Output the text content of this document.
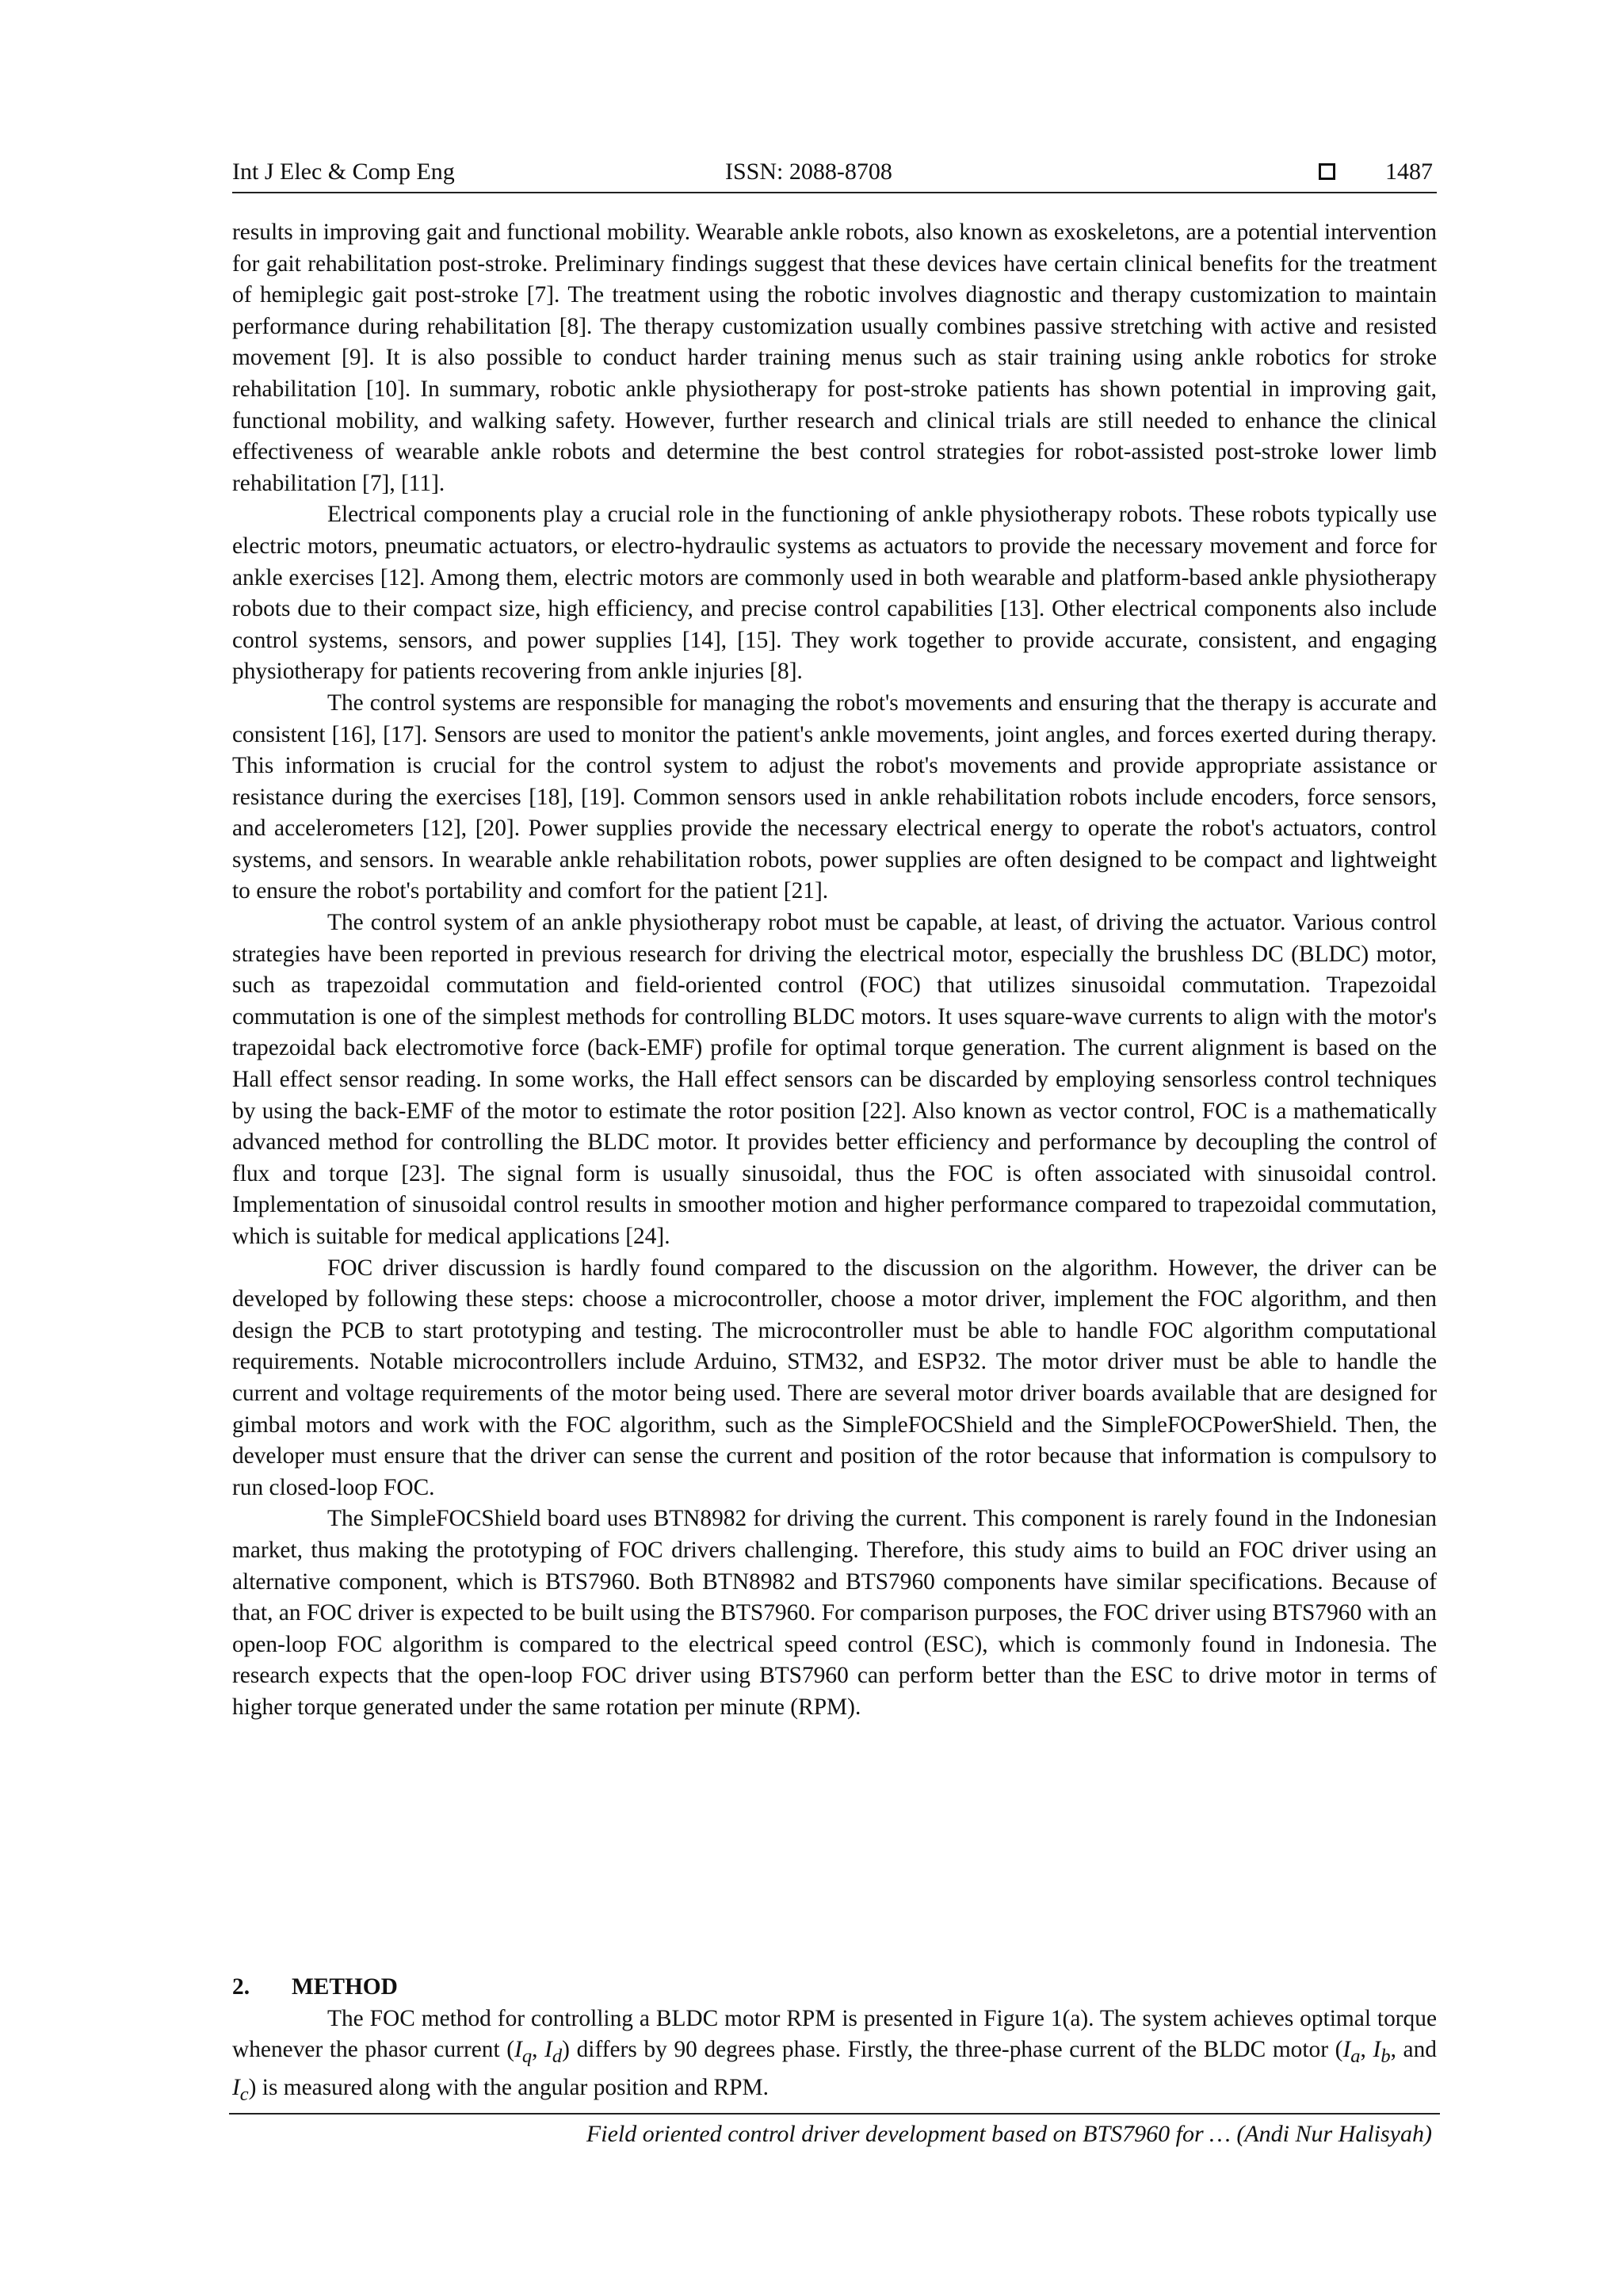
Int J Elec & Comp Eng	ISSN: 2088-8708	1487

results in improving gait and functional mobility. Wearable ankle robots, also known as exoskeletons, are a potential intervention for gait rehabilitation post-stroke. Preliminary findings suggest that these devices have certain clinical benefits for the treatment of hemiplegic gait post-stroke [7]. The treatment using the robotic involves diagnostic and therapy customization to maintain performance during rehabilitation [8]. The therapy customization usually combines passive stretching with active and resisted movement [9]. It is also possible to conduct harder training menus such as stair training using ankle robotics for stroke rehabilitation [10]. In summary, robotic ankle physiotherapy for post-stroke patients has shown potential in improving gait, functional mobility, and walking safety. However, further research and clinical trials are still needed to enhance the clinical effectiveness of wearable ankle robots and determine the best control strategies for robot-assisted post-stroke lower limb rehabilitation [7], [11].

Electrical components play a crucial role in the functioning of ankle physiotherapy robots. These robots typically use electric motors, pneumatic actuators, or electro-hydraulic systems as actuators to provide the necessary movement and force for ankle exercises [12]. Among them, electric motors are commonly used in both wearable and platform-based ankle physiotherapy robots due to their compact size, high efficiency, and precise control capabilities [13]. Other electrical components also include control systems, sensors, and power supplies [14], [15]. They work together to provide accurate, consistent, and engaging physiotherapy for patients recovering from ankle injuries [8].

The control systems are responsible for managing the robot's movements and ensuring that the therapy is accurate and consistent [16], [17]. Sensors are used to monitor the patient's ankle movements, joint angles, and forces exerted during therapy. This information is crucial for the control system to adjust the robot's movements and provide appropriate assistance or resistance during the exercises [18], [19]. Common sensors used in ankle rehabilitation robots include encoders, force sensors, and accelerometers [12], [20]. Power supplies provide the necessary electrical energy to operate the robot's actuators, control systems, and sensors. In wearable ankle rehabilitation robots, power supplies are often designed to be compact and lightweight to ensure the robot's portability and comfort for the patient [21].

The control system of an ankle physiotherapy robot must be capable, at least, of driving the actuator. Various control strategies have been reported in previous research for driving the electrical motor, especially the brushless DC (BLDC) motor, such as trapezoidal commutation and field-oriented control (FOC) that utilizes sinusoidal commutation. Trapezoidal commutation is one of the simplest methods for controlling BLDC motors. It uses square-wave currents to align with the motor's trapezoidal back electromotive force (back-EMF) profile for optimal torque generation. The current alignment is based on the Hall effect sensor reading. In some works, the Hall effect sensors can be discarded by employing sensorless control techniques by using the back-EMF of the motor to estimate the rotor position [22]. Also known as vector control, FOC is a mathematically advanced method for controlling the BLDC motor. It provides better efficiency and performance by decoupling the control of flux and torque [23]. The signal form is usually sinusoidal, thus the FOC is often associated with sinusoidal control. Implementation of sinusoidal control results in smoother motion and higher performance compared to trapezoidal commutation, which is suitable for medical applications [24].

FOC driver discussion is hardly found compared to the discussion on the algorithm. However, the driver can be developed by following these steps: choose a microcontroller, choose a motor driver, implement the FOC algorithm, and then design the PCB to start prototyping and testing. The microcontroller must be able to handle FOC algorithm computational requirements. Notable microcontrollers include Arduino, STM32, and ESP32. The motor driver must be able to handle the current and voltage requirements of the motor being used. There are several motor driver boards available that are designed for gimbal motors and work with the FOC algorithm, such as the SimpleFOCShield and the SimpleFOCPowerShield. Then, the developer must ensure that the driver can sense the current and position of the rotor because that information is compulsory to run closed-loop FOC.

The SimpleFOCShield board uses BTN8982 for driving the current. This component is rarely found in the Indonesian market, thus making the prototyping of FOC drivers challenging. Therefore, this study aims to build an FOC driver using an alternative component, which is BTS7960. Both BTN8982 and BTS7960 components have similar specifications. Because of that, an FOC driver is expected to be built using the BTS7960. For comparison purposes, the FOC driver using BTS7960 with an open-loop FOC algorithm is compared to the electrical speed control (ESC), which is commonly found in Indonesia. The research expects that the open-loop FOC driver using BTS7960 can perform better than the ESC to drive motor in terms of higher torque generated under the same rotation per minute (RPM).

2. METHOD

The FOC method for controlling a BLDC motor RPM is presented in Figure 1(a). The system achieves optimal torque whenever the phasor current ($I_q$, $I_d$) differs by 90 degrees phase. Firstly, the three-phase current of the BLDC motor ($I_a$, $I_b$, and $I_c$) is measured along with the angular position and RPM.

Field oriented control driver development based on BTS7960 for … (Andi Nur Halisyah)
